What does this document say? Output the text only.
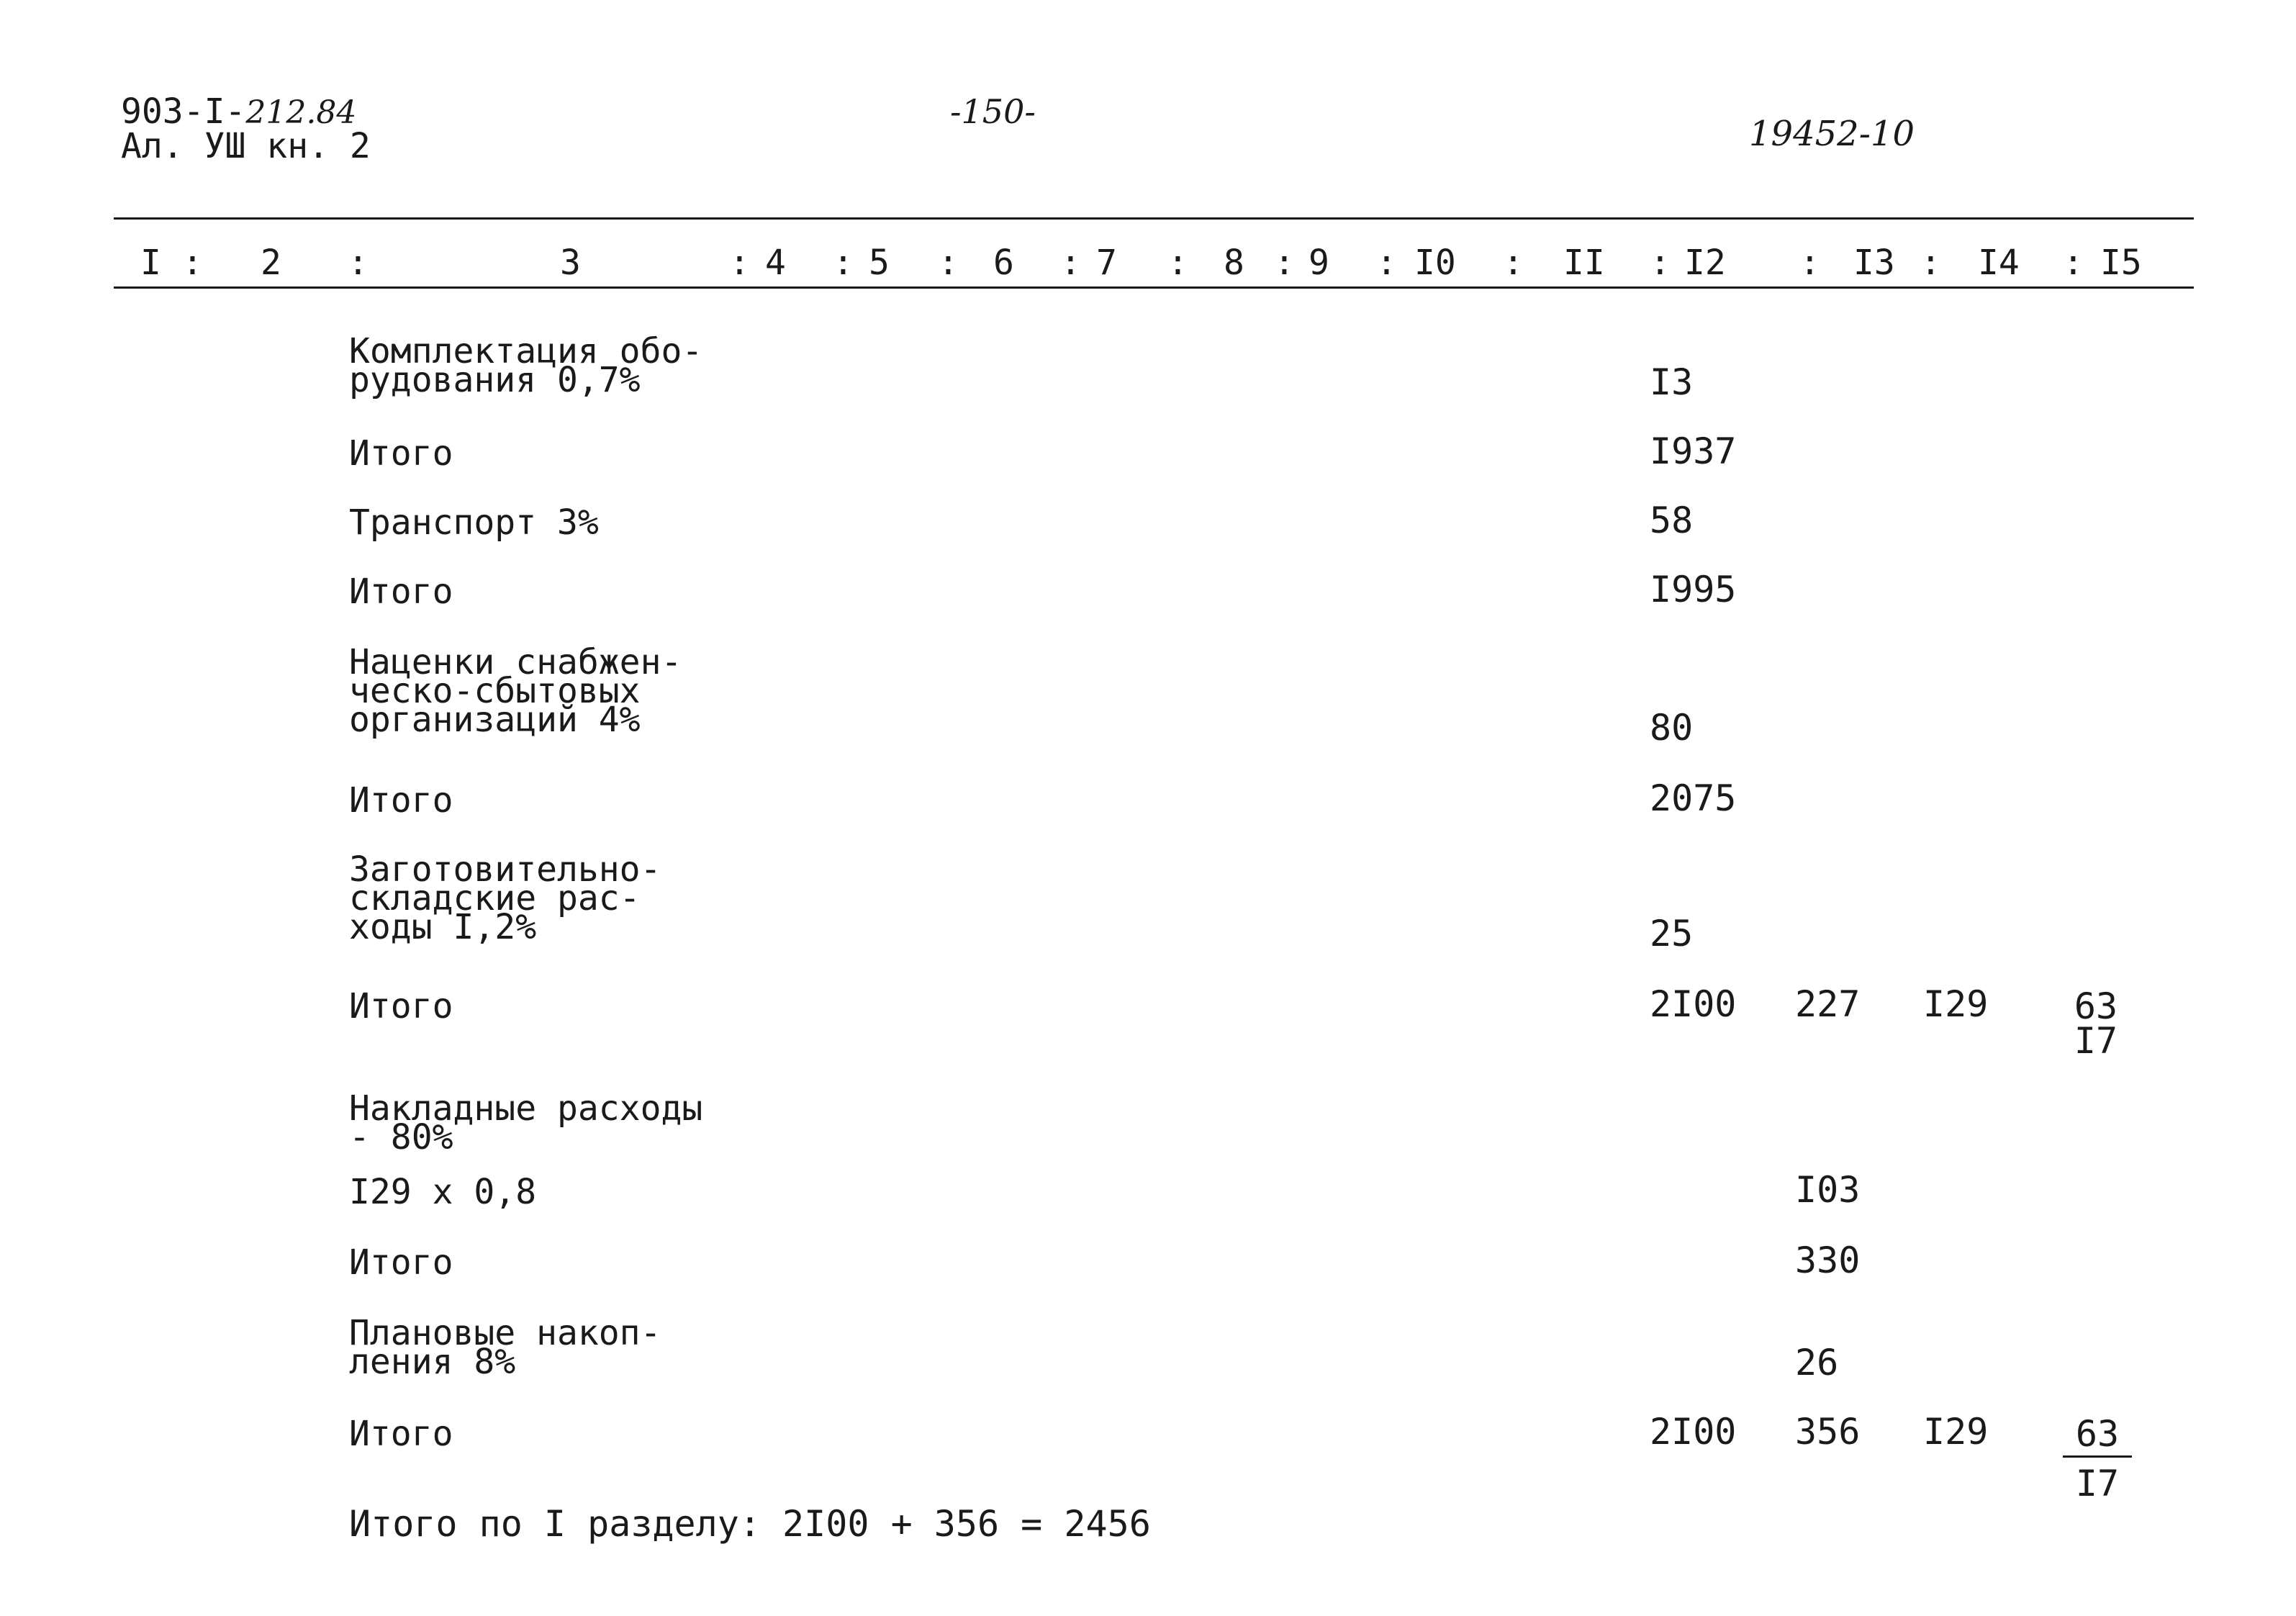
903-I-212.84
Ал. УШ кн. 2
-150-
19452-10
I : 2 :	3	: 4 : 5 : 6 : 7 : 8 : 9 : I0 : II : I2 : I3 : I4 : I5
Комплектация обо-
рудования 0,7%	I3
Итого	I937
Транспорт 3%	58
Итого	I995
Наценки снабжен-
ческо-сбытовых
организаций 4%	80
Итого	2075
Заготовительно-
складские рас-
ходы I,2%	25
Итого	2I00 227 I29 63
I7
Накладные расходы
- 80%
I29 x 0,8	I03
Итого	330
Плановые накоп-
ления 8%	26
Итого	2I00 356 $I29 \frac{63}{I7}$
Итого по I разделу: 2I00 + 356 = 2456
